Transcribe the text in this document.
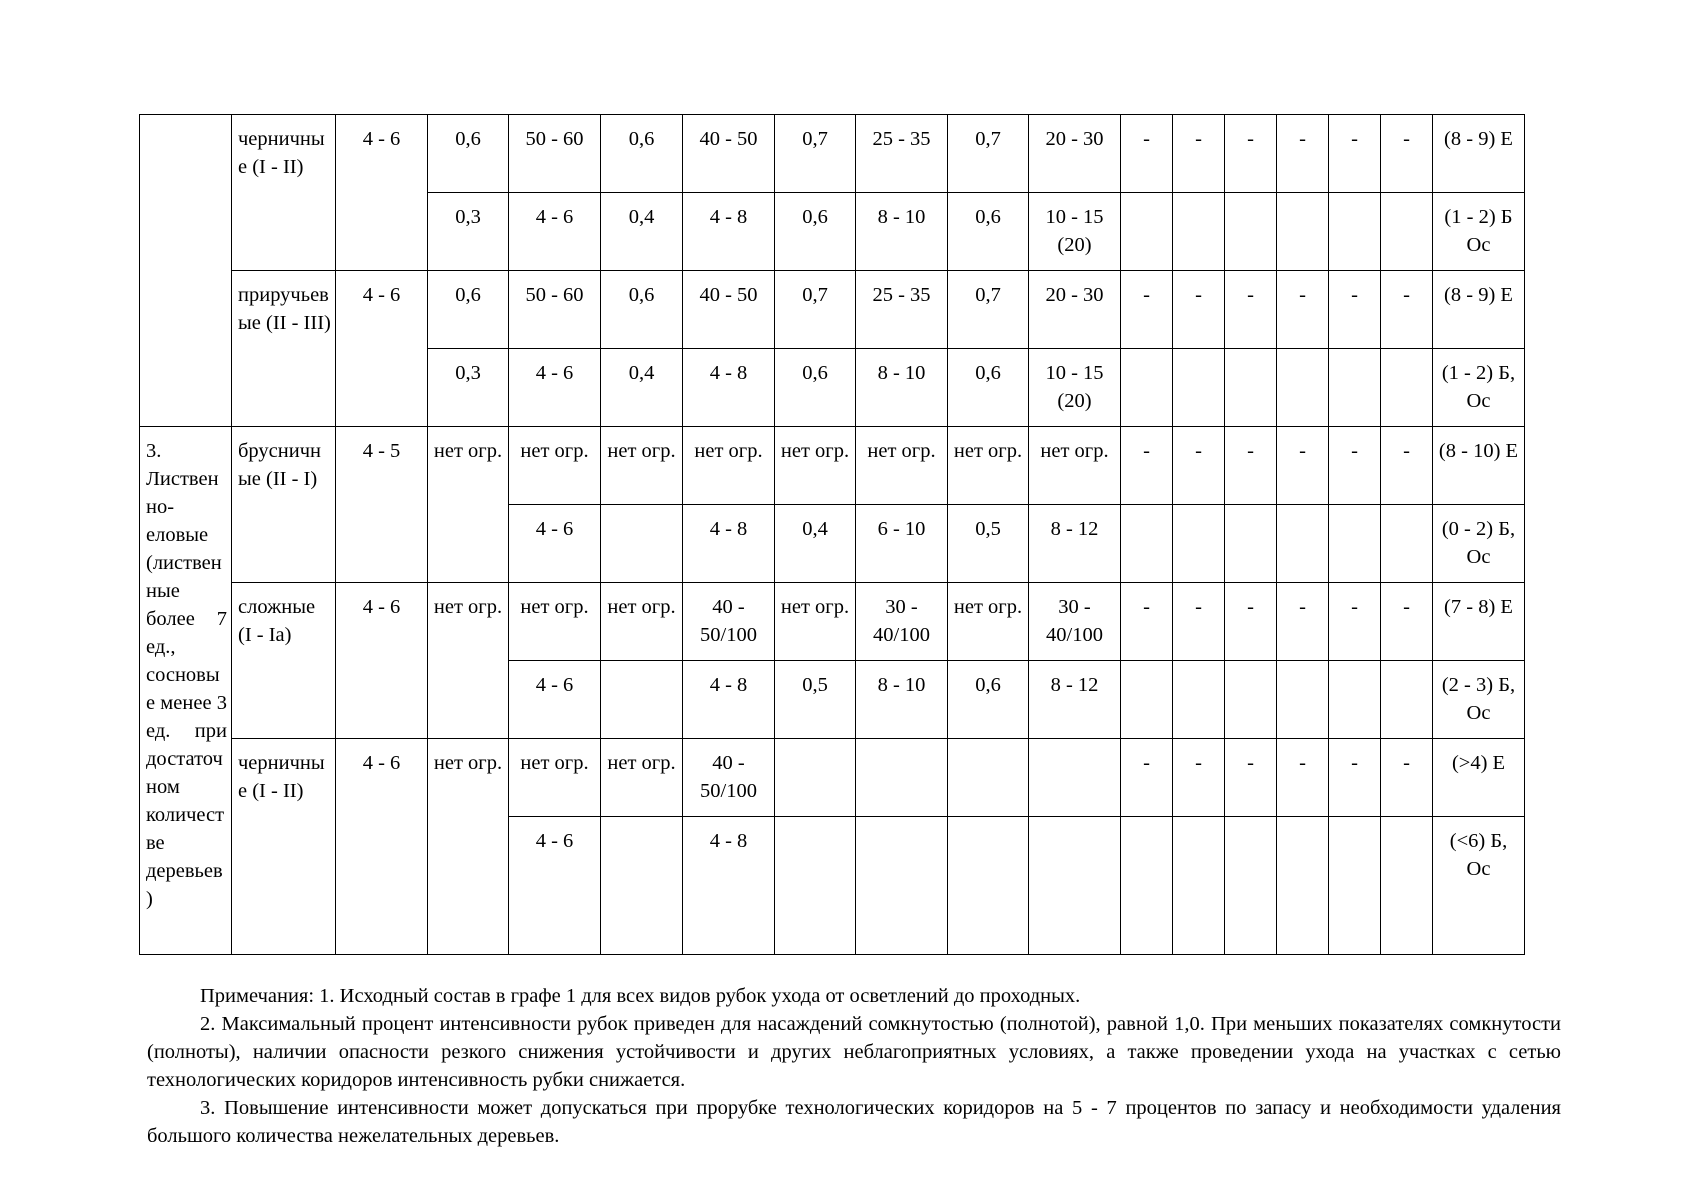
	черничные (I - II)	4 - 6	0,6	50 - 60	0,6	40 - 50	0,7	25 - 35	0,7	20 - 30	-	-	-	-	-	-	(8 - 9) Е
			0,3	4 - 6	0,4	4 - 8	0,6	8 - 10	0,6	10 - 15 (20)							(1 - 2) Б Ос
	приручьевые (II - III)	4 - 6	0,6	50 - 60	0,6	40 - 50	0,7	25 - 35	0,7	20 - 30	-	-	-	-	-	-	(8 - 9) Е
			0,3	4 - 6	0,4	4 - 8	0,6	8 - 10	0,6	10 - 15 (20)							(1 - 2) Б, Ос
3. Лиственно-еловые (лиственные более 7 ед., сосновые менее 3 ед. при достаточном количестве деревьев)	брусничные (II - I)	4 - 5	нет огр.	нет огр.	нет огр.	нет огр.	нет огр.	нет огр.	нет огр.	нет огр.	-	-	-	-	-	-	(8 - 10) Е
				4 - 6		4 - 8	0,4	6 - 10	0,5	8 - 12							(0 - 2) Б, Ос
	сложные (I - Ia)	4 - 6	нет огр.	нет огр.	нет огр.	40 - 50/100	нет огр.	30 - 40/100	нет огр.	30 - 40/100	-	-	-	-	-	-	(7 - 8) Е
				4 - 6		4 - 8	0,5	8 - 10	0,6	8 - 12							(2 - 3) Б, Ос
	черничные (I - II)	4 - 6	нет огр.	нет огр.	нет огр.	40 - 50/100					-	-	-	-	-	-	(>4) Е
				4 - 6		4 - 8											(<6) Б, Ос

Примечания: 1. Исходный состав в графе 1 для всех видов рубок ухода от осветлений до проходных.

2. Максимальный процент интенсивности рубок приведен для насаждений сомкнутостью (полнотой), равной 1,0. При меньших показателях сомкнутости (полноты), наличии опасности резкого снижения устойчивости и других неблагоприятных условиях, а также проведении ухода на участках с сетью технологических коридоров интенсивность рубки снижается.

3. Повышение интенсивности может допускаться при прорубке технологических коридоров на 5 - 7 процентов по запасу и необходимости удаления большого количества нежелательных деревьев.
